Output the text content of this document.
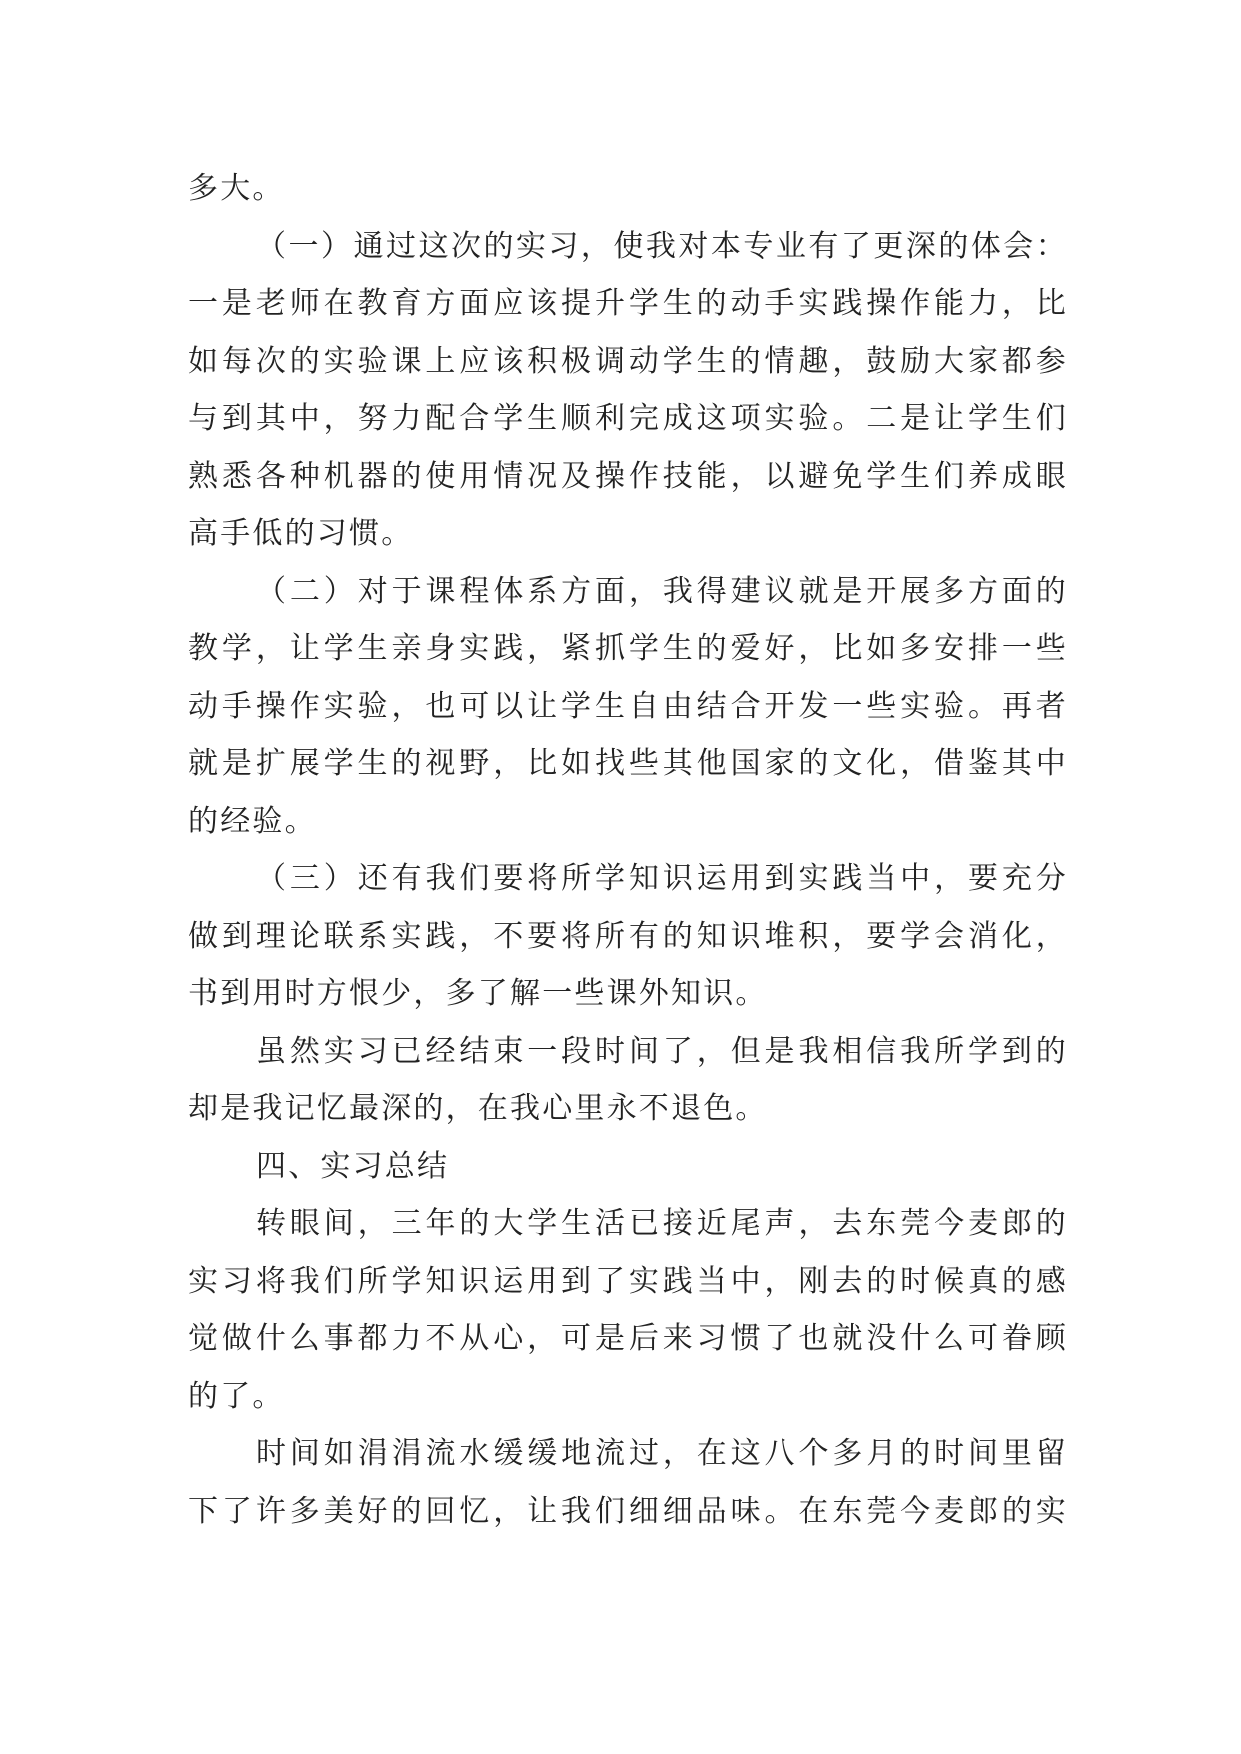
多大。
（一）通过这次的实习，使我对本专业有了更深的体会：
一是老师在教育方面应该提升学生的动手实践操作能力，比
如每次的实验课上应该积极调动学生的情趣，鼓励大家都参
与到其中，努力配合学生顺利完成这项实验。二是让学生们
熟悉各种机器的使用情况及操作技能，以避免学生们养成眼
高手低的习惯。
（二）对于课程体系方面，我得建议就是开展多方面的
教学，让学生亲身实践，紧抓学生的爱好，比如多安排一些
动手操作实验，也可以让学生自由结合开发一些实验。再者
就是扩展学生的视野，比如找些其他国家的文化，借鉴其中
的经验。
（三）还有我们要将所学知识运用到实践当中，要充分
做到理论联系实践，不要将所有的知识堆积，要学会消化，
书到用时方恨少，多了解一些课外知识。
虽然实习已经结束一段时间了，但是我相信我所学到的
却是我记忆最深的，在我心里永不退色。
四、实习总结
转眼间，三年的大学生活已接近尾声，去东莞今麦郎的
实习将我们所学知识运用到了实践当中，刚去的时候真的感
觉做什么事都力不从心，可是后来习惯了也就没什么可眷顾
的了。
时间如涓涓流水缓缓地流过，在这八个多月的时间里留
下了许多美好的回忆，让我们细细品味。在东莞今麦郎的实
